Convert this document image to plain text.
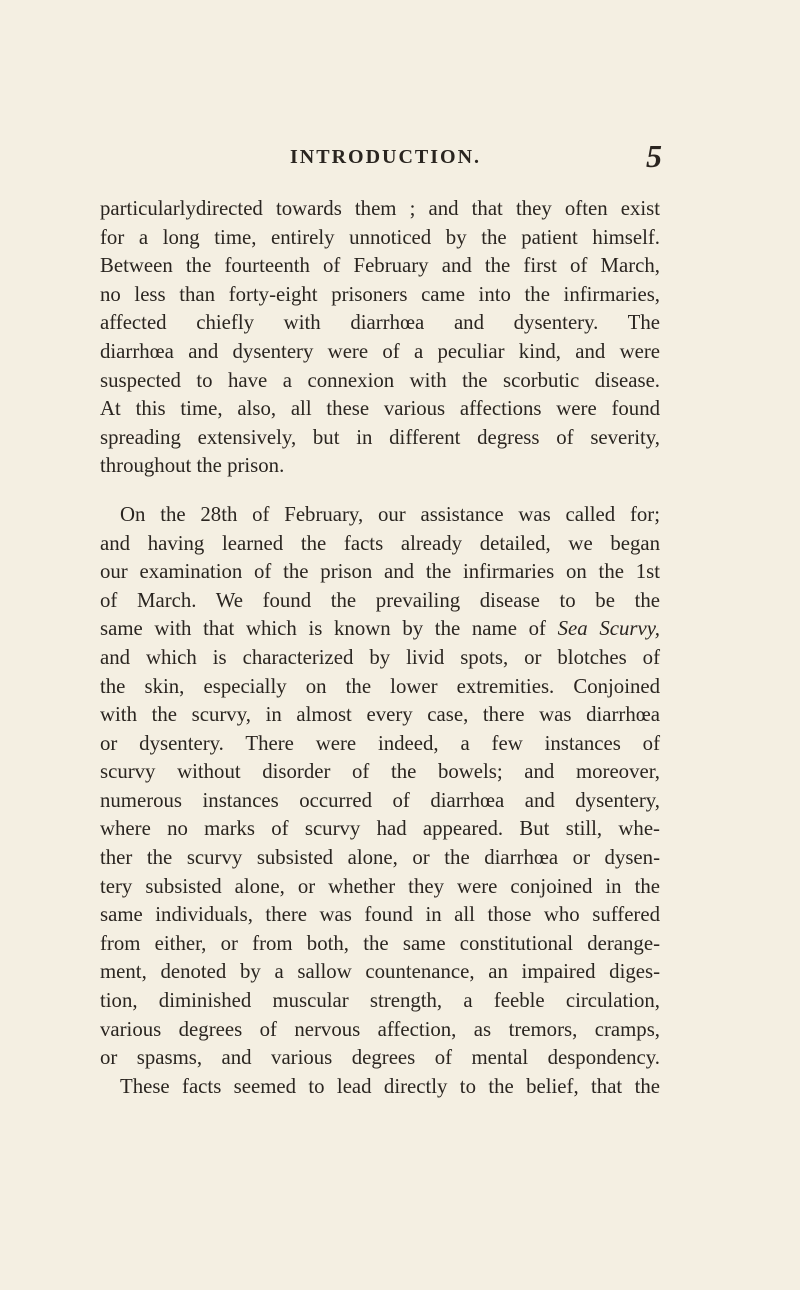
INTRODUCTION.	5
particularlydirected towards them ; and that they often exist
for a long time, entirely unnoticed by the patient himself.
Between the fourteenth of February and the first of March,
no less than forty-eight prisoners came into the infirmaries,
affected chiefly with diarrhœa and dysentery. The
diarrhœa and dysentery were of a peculiar kind, and were
suspected to have a connexion with the scorbutic disease.
At this time, also, all these various affections were found
spreading extensively, but in different degress of severity,
throughout the prison.
On the 28th of February, our assistance was called for;
and having learned the facts already detailed, we began
our examination of the prison and the infirmaries on the 1st
of March. We found the prevailing disease to be the
same with that which is known by the name of Sea Scurvy,
and which is characterized by livid spots, or blotches of
the skin, especially on the lower extremities. Conjoined
with the scurvy, in almost every case, there was diarrhœa
or dysentery. There were indeed, a few instances of
scurvy without disorder of the bowels; and moreover,
numerous instances occurred of diarrhœa and dysentery,
where no marks of scurvy had appeared. But still, whe-
ther the scurvy subsisted alone, or the diarrhœa or dysen-
tery subsisted alone, or whether they were conjoined in the
same individuals, there was found in all those who suffered
from either, or from both, the same constitutional derange-
ment, denoted by a sallow countenance, an impaired diges-
tion, diminished muscular strength, a feeble circulation,
various degrees of nervous affection, as tremors, cramps,
or spasms, and various degrees of mental despondency.
These facts seemed to lead directly to the belief, that the
